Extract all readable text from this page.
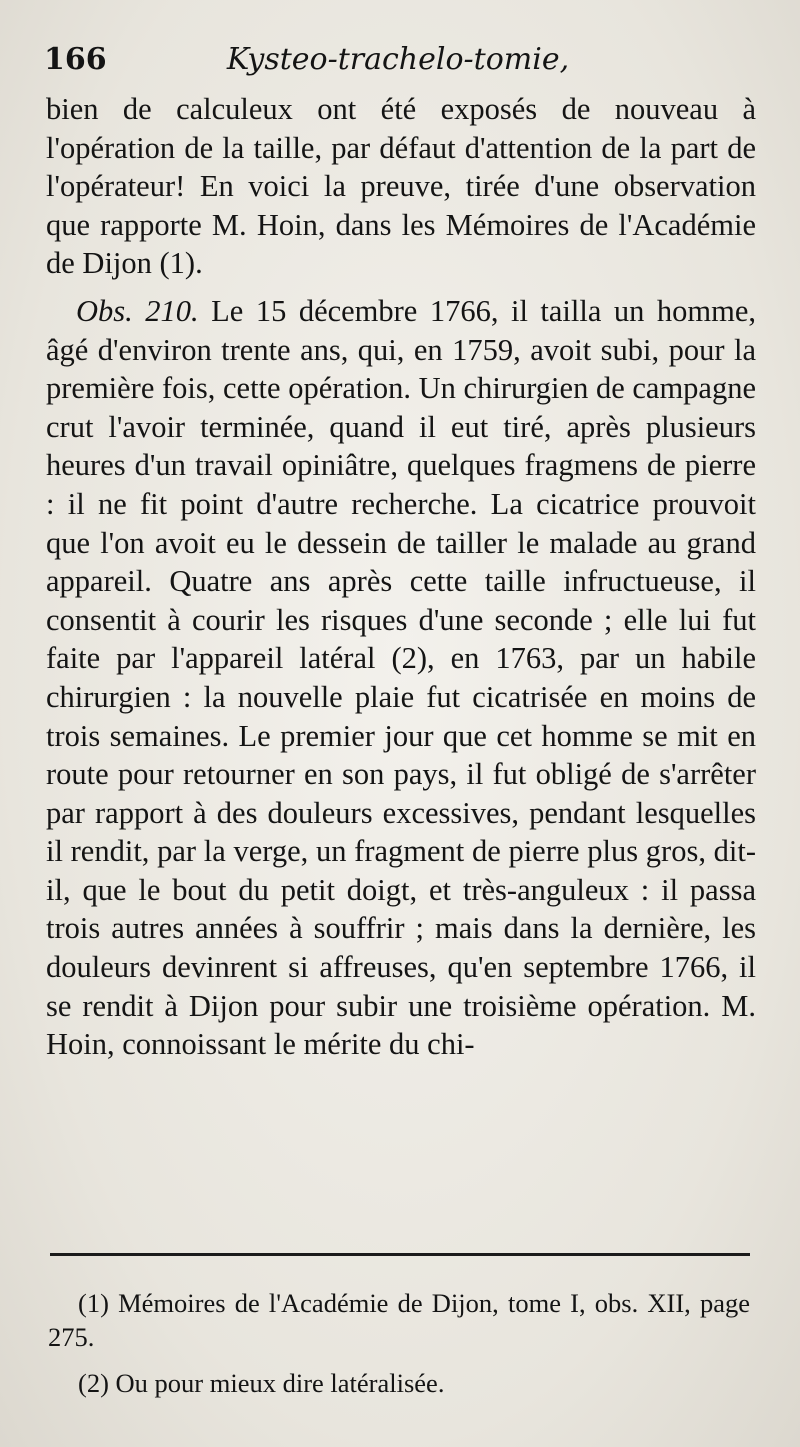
166	Kysteo-trachelo-tomie,

bien de calculeux ont été exposés de nouveau à l'opération de la taille, par défaut d'attention de la part de l'opérateur! En voici la preuve, tirée d'une observation que rapporte M. Hoin, dans les Mémoires de l'Académie de Dijon (1).

Obs. 210. Le 15 décembre 1766, il tailla un homme, âgé d'environ trente ans, qui, en 1759, avoit subi, pour la première fois, cette opération. Un chirurgien de campagne crut l'avoir terminée, quand il eut tiré, après plusieurs heures d'un travail opiniâtre, quelques fragmens de pierre : il ne fit point d'autre recherche. La cicatrice prouvoit que l'on avoit eu le dessein de tailler le malade au grand appareil. Quatre ans après cette taille infructueuse, il consentit à courir les risques d'une seconde ; elle lui fut faite par l'appareil latéral (2), en 1763, par un habile chirurgien : la nouvelle plaie fut cicatrisée en moins de trois semaines. Le premier jour que cet homme se mit en route pour retourner en son pays, il fut obligé de s'arrêter par rapport à des douleurs excessives, pendant lesquelles il rendit, par la verge, un fragment de pierre plus gros, dit-il, que le bout du petit doigt, et très-anguleux : il passa trois autres années à souffrir ; mais dans la dernière, les douleurs devinrent si affreuses, qu'en septembre 1766, il se rendit à Dijon pour subir une troisième opération. M. Hoin, connoissant le mérite du chi-

(1) Mémoires de l'Académie de Dijon, tome I, obs. XII, page 275.

(2) Ou pour mieux dire latéralisée.
